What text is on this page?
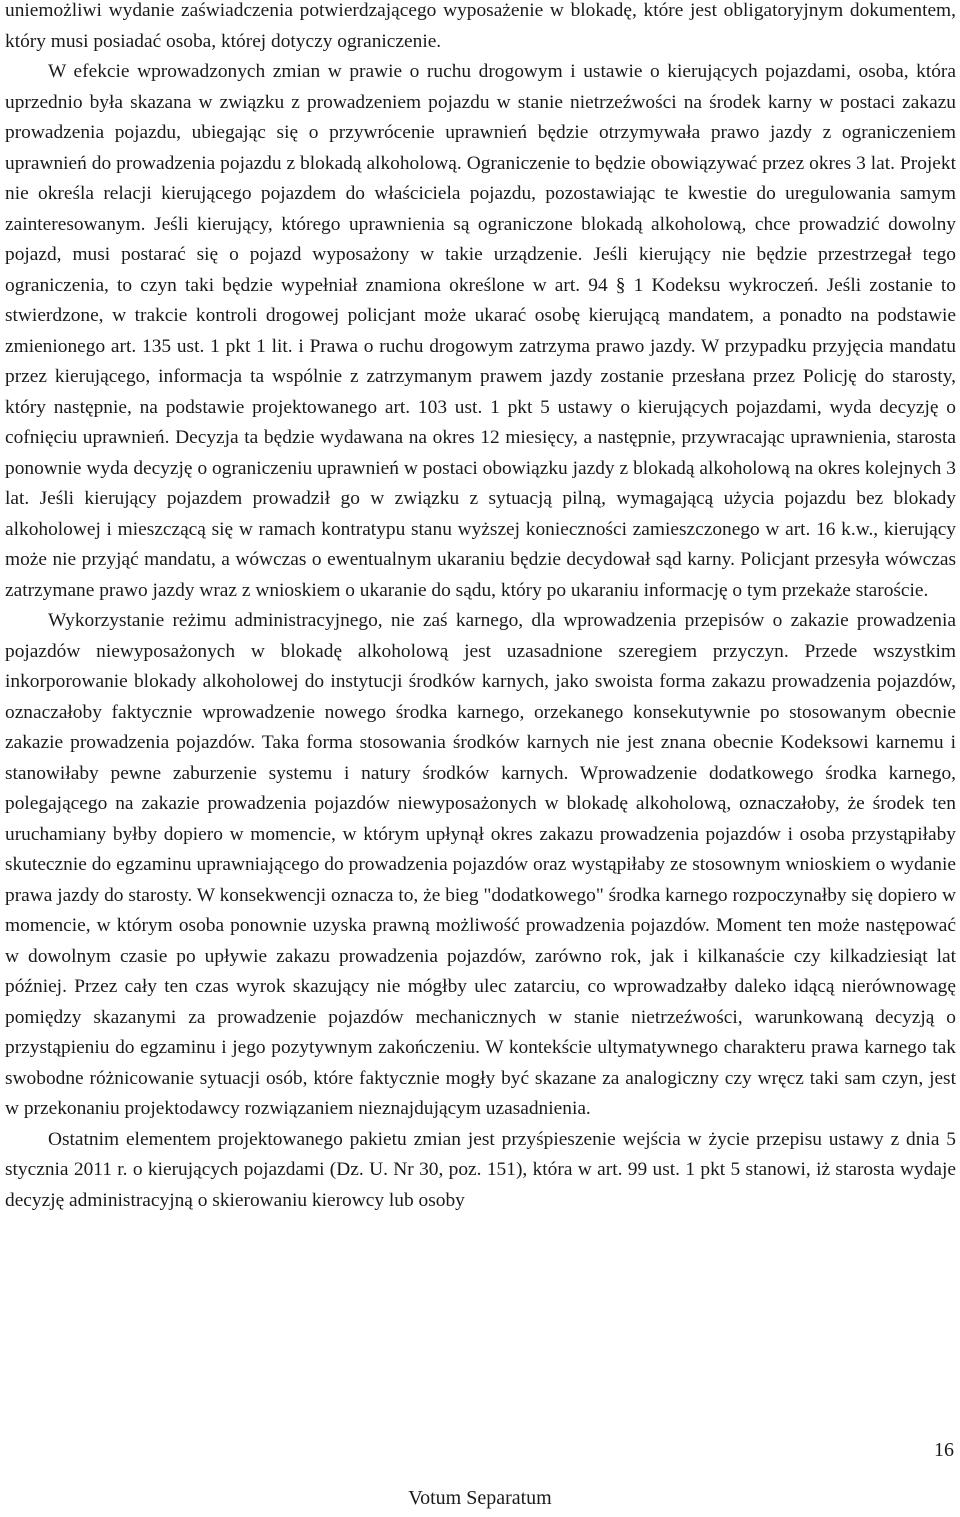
uniemożliwi wydanie zaświadczenia potwierdzającego wyposażenie w blokadę, które jest obligatoryjnym dokumentem, który musi posiadać osoba, której dotyczy ograniczenie.

W efekcie wprowadzonych zmian w prawie o ruchu drogowym i ustawie o kierujących pojazdami, osoba, która uprzednio była skazana w związku z prowadzeniem pojazdu w stanie nietrzeźwości na środek karny w postaci zakazu prowadzenia pojazdu, ubiegając się o przywrócenie uprawnień będzie otrzymywała prawo jazdy z ograniczeniem uprawnień do prowadzenia pojazdu z blokadą alkoholową. Ograniczenie to będzie obowiązywać przez okres 3 lat. Projekt nie określa relacji kierującego pojazdem do właściciela pojazdu, pozostawiając te kwestie do uregulowania samym zainteresowanym. Jeśli kierujący, którego uprawnienia są ograniczone blokadą alkoholową, chce prowadzić dowolny pojazd, musi postarać się o pojazd wyposażony w takie urządzenie. Jeśli kierujący nie będzie przestrzegał tego ograniczenia, to czyn taki będzie wypełniał znamiona określone w art. 94 § 1 Kodeksu wykroczeń. Jeśli zostanie to stwierdzone, w trakcie kontroli drogowej policjant może ukarać osobę kierującą mandatem, a ponadto na podstawie zmienionego art. 135 ust. 1 pkt 1 lit. i Prawa o ruchu drogowym zatrzyma prawo jazdy. W przypadku przyjęcia mandatu przez kierującego, informacja ta wspólnie z zatrzymanym prawem jazdy zostanie przesłana przez Policję do starosty, który następnie, na podstawie projektowanego art. 103 ust. 1 pkt 5 ustawy o kierujących pojazdami, wyda decyzję o cofnięciu uprawnień. Decyzja ta będzie wydawana na okres 12 miesięcy, a następnie, przywracając uprawnienia, starosta ponownie wyda decyzję o ograniczeniu uprawnień w postaci obowiązku jazdy z blokadą alkoholową na okres kolejnych 3 lat. Jeśli kierujący pojazdem prowadził go w związku z sytuacją pilną, wymagającą użycia pojazdu bez blokady alkoholowej i mieszczącą się w ramach kontratypu stanu wyższej konieczności zamieszczonego w art. 16 k.w., kierujący może nie przyjąć mandatu, a wówczas o ewentualnym ukaraniu będzie decydował sąd karny. Policjant przesyła wówczas zatrzymane prawo jazdy wraz z wnioskiem o ukaranie do sądu, który po ukaraniu informację o tym przekaże staroście.

Wykorzystanie reżimu administracyjnego, nie zaś karnego, dla wprowadzenia przepisów o zakazie prowadzenia pojazdów niewyposażonych w blokadę alkoholową jest uzasadnione szeregiem przyczyn. Przede wszystkim inkorporowanie blokady alkoholowej do instytucji środków karnych, jako swoista forma zakazu prowadzenia pojazdów, oznaczałoby faktycznie wprowadzenie nowego środka karnego, orzekanego konsekutywnie po stosowanym obecnie zakazie prowadzenia pojazdów. Taka forma stosowania środków karnych nie jest znana obecnie Kodeksowi karnemu i stanowiłaby pewne zaburzenie systemu i natury środków karnych. Wprowadzenie dodatkowego środka karnego, polegającego na zakazie prowadzenia pojazdów niewyposażonych w blokadę alkoholową, oznaczałoby, że środek ten uruchamiany byłby dopiero w momencie, w którym upłynął okres zakazu prowadzenia pojazdów i osoba przystąpiłaby skutecznie do egzaminu uprawniającego do prowadzenia pojazdów oraz wystąpiłaby ze stosownym wnioskiem o wydanie prawa jazdy do starosty. W konsekwencji oznacza to, że bieg "dodatkowego" środka karnego rozpoczynałby się dopiero w momencie, w którym osoba ponownie uzyska prawną możliwość prowadzenia pojazdów. Moment ten może następować w dowolnym czasie po upływie zakazu prowadzenia pojazdów, zarówno rok, jak i kilkanaście czy kilkadziesiąt lat później. Przez cały ten czas wyrok skazujący nie mógłby ulec zatarciu, co wprowadzałby daleko idącą nierównowagę pomiędzy skazanymi za prowadzenie pojazdów mechanicznych w stanie nietrzeźwości, warunkowaną decyzją o przystąpieniu do egzaminu i jego pozytywnym zakończeniu. W kontekście ultymatywnego charakteru prawa karnego tak swobodne różnicowanie sytuacji osób, które faktycznie mogły być skazane za analogiczny czy wręcz taki sam czyn, jest w przekonaniu projektodawcy rozwiązaniem nieznajdującym uzasadnienia.

Ostatnim elementem projektowanego pakietu zmian jest przyśpieszenie wejścia w życie przepisu ustawy z dnia 5 stycznia 2011 r. o kierujących pojazdami (Dz. U. Nr 30, poz. 151), która w art. 99 ust. 1 pkt 5 stanowi, iż starosta wydaje decyzję administracyjną o skierowaniu kierowcy lub osoby

16
Votum Separatum
